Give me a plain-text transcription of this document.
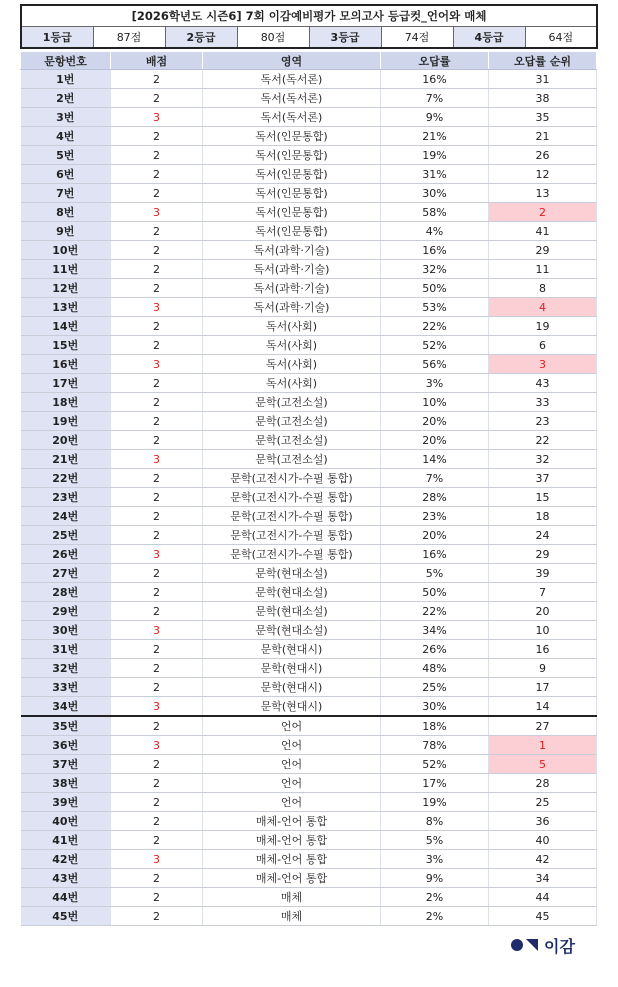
[2026학년도 시즌6] 7회 이감예비평가 모의고사 등급컷_언어와 매체
1등급	87점	2등급	80점	3등급	74점	4등급	64점
문항번호	배점	영역	오답률	오답률 순위
1번	2	독서(독서론)	16%	31
2번	2	독서(독서론)	7%	38
3번	3	독서(독서론)	9%	35
4번	2	독서(인문통합)	21%	21
5번	2	독서(인문통합)	19%	26
6번	2	독서(인문통합)	31%	12
7번	2	독서(인문통합)	30%	13
8번	3	독서(인문통합)	58%	2
9번	2	독서(인문통합)	4%	41
10번	2	독서(과학·기술)	16%	29
11번	2	독서(과학·기술)	32%	11
12번	2	독서(과학·기술)	50%	8
13번	3	독서(과학·기술)	53%	4
14번	2	독서(사회)	22%	19
15번	2	독서(사회)	52%	6
16번	3	독서(사회)	56%	3
17번	2	독서(사회)	3%	43
18번	2	문학(고전소설)	10%	33
19번	2	문학(고전소설)	20%	23
20번	2	문학(고전소설)	20%	22
21번	3	문학(고전소설)	14%	32
22번	2	문학(고전시가-수필 통합)	7%	37
23번	2	문학(고전시가-수필 통합)	28%	15
24번	2	문학(고전시가-수필 통합)	23%	18
25번	2	문학(고전시가-수필 통합)	20%	24
26번	3	문학(고전시가-수필 통합)	16%	29
27번	2	문학(현대소설)	5%	39
28번	2	문학(현대소설)	50%	7
29번	2	문학(현대소설)	22%	20
30번	3	문학(현대소설)	34%	10
31번	2	문학(현대시)	26%	16
32번	2	문학(현대시)	48%	9
33번	2	문학(현대시)	25%	17
34번	3	문학(현대시)	30%	14
35번	2	언어	18%	27
36번	3	언어	78%	1
37번	2	언어	52%	5
38번	2	언어	17%	28
39번	2	언어	19%	25
40번	2	매체-언어 통합	8%	36
41번	2	매체-언어 통합	5%	40
42번	3	매체-언어 통합	3%	42
43번	2	매체-언어 통합	9%	34
44번	2	매체	2%	44
45번	2	매체	2%	45
이감
